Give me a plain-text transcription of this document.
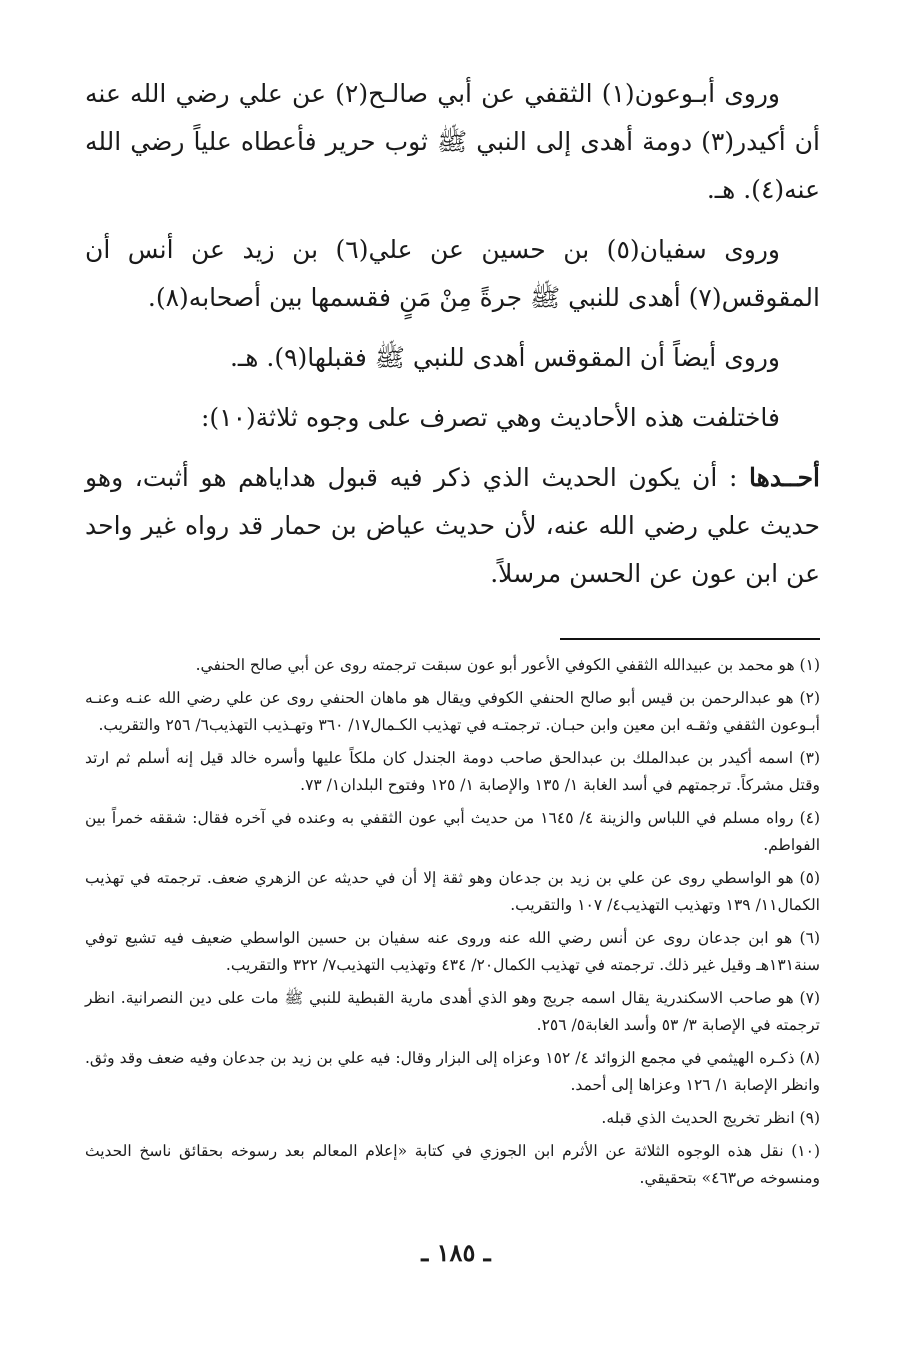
وروى أبـوعون(١) الثقفي عن أبي صالـح(٢) عن علي رضي الله عنه أن أكيدر(٣) دومة أهدى إلى النبي ﷺ ثوب حرير فأعطاه علياً رضي الله عنه(٤). هـ.

وروى سفيان(٥) بن حسين عن علي(٦) بن زيد عن أنس أن المقوقس(٧) أهدى للنبي ﷺ جرةً مِنْ مَنٍ فقسمها بين أصحابه(٨).

وروى أيضاً أن المقوقس أهدى للنبي ﷺ فقبلها(٩). هـ.

فاختلفت هذه الأحاديث وهي تصرف على وجوه ثلاثة(١٠):

أحــدها : أن يكون الحديث الذي ذكر فيه قبول هداياهم هو أثبت، وهو حديث علي رضي الله عنه، لأن حديث عياض بن حمار قد رواه غير واحد عن ابن عون عن الحسن مرسلاً.

(١) هو محمد بن عبيدالله الثقفي الكوفي الأعور أبو عون سبقت ترجمته روى عن أبي صالح الحنفي.

(٢) هو عبدالرحمن بن قيس أبو صالح الحنفي الكوفي ويقال هو ماهان الحنفي روى عن علي رضي الله عنـه وعنـه أبـوعون الثقفي وثقـه ابن معين وابن حبـان. ترجمتـه في تهذيب الكـمال١٧/ ٣٦٠ وتهـذيب التهذيب٦/ ٢٥٦ والتقريب.

(٣) اسمه أكيدر بن عبدالملك بن عبدالحق صاحب دومة الجندل كان ملكاً عليها وأسره خالد قيل إنه أسلم ثم ارتد وقتل مشركاً. ترجمتهم في أسد الغابة ١/ ١٣٥ والإصابة ١/ ١٢٥ وفتوح البلدان١/ ٧٣.

(٤) رواه مسلم في اللباس والزينة ٤/ ١٦٤٥ من حديث أبي عون الثقفي به وعنده في آخره فقال: شققه خمراً بين الفواطم.

(٥) هو الواسطي روى عن علي بن زيد بن جدعان وهو ثقة إلا أن في حديثه عن الزهري ضعف. ترجمته في تهذيب الكمال١١/ ١٣٩ وتهذيب التهذيب٤/ ١٠٧ والتقريب.

(٦) هو ابن جدعان روى عن أنس رضي الله عنه وروى عنه سفيان بن حسين الواسطي ضعيف فيه تشيع توفي سنة١٣١هـ وقيل غير ذلك. ترجمته في تهذيب الكمال٢٠/ ٤٣٤ وتهذيب التهذيب٧/ ٣٢٢ والتقريب.

(٧) هو صاحب الاسكندرية يقال اسمه جريج وهو الذي أهدى مارية القبطية للنبي ﷺ مات على دين النصرانية. انظر ترجمته في الإصابة ٣/ ٥٣ وأسد الغابة٥/ ٢٥٦.

(٨) ذكـره الهيثمي في مجمع الزوائد ٤/ ١٥٢ وعزاه إلى البزار وقال: فيه علي بن زيد بن جدعان وفيه ضعف وقد وثق. وانظر الإصابة ١/ ١٢٦ وعزاها إلى أحمد.

(٩) انظر تخريج الحديث الذي قبله.

(١٠) نقل هذه الوجوه الثلاثة عن الأثرم ابن الجوزي في كتابة «إعلام المعالم بعد رسوخه بحقائق ناسخ الحديث ومنسوخه ص٤٦٣» بتحقيقي.

ـ ١٨٥ ـ
